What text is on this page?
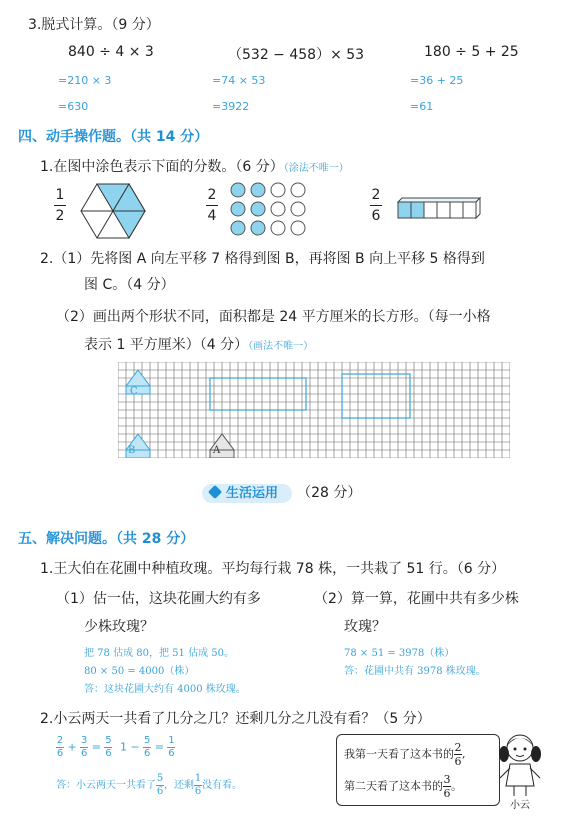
3.脱式计算。（9 分）
840 ÷ 4 × 3	（532 − 458）× 53	180 ÷ 5 + 25
=210 × 3	=74 × 53	=36 + 25
=630	=3922	=61
四、动手操作题。（共 14 分）
1.在图中涂色表示下面的分数。（6 分）（涂法不唯一）
$\frac{1}{2}$	$\frac{2}{4}$	$\frac{2}{6}$
2.（1）先将图 A 向左平移 7 格得到图 B，再将图 B 向上平移 5 格得到
图 C。（4 分）
（2）画出两个形状不同，面积都是 24 平方厘米的长方形。（每一小格
表示 1 平方厘米）（4 分）（画法不唯一）
C
B	A
生活运用 （28 分）
五、解决问题。（共 28 分）
1.王大伯在花圃中种植玫瑰。平均每行栽 78 株，一共栽了 51 行。（6 分）
（1）估一估，这块花圃大约有多
少株玫瑰？
把 78 估成 80，把 51 估成 50。
80 × 50 = 4000（株）
答：这块花圃大约有 4000 株玫瑰。
（2）算一算，花圃中共有多少株
玫瑰？
78 × 51 = 3978（株）
答：花圃中共有 3978 株玫瑰。
2.小云两天一共看了几分之几？还剩几分之几没有看？（5 分）
$\frac{2}{6} + \frac{3}{6} = \frac{5}{6} 1 - \frac{5}{6} = \frac{1}{6}$
答：小云两天一共看了 $\frac{5}{6}$ ，还剩 $\frac{1}{6}$ 没有看。
我第一天看了这本书的 $\frac{2}{6}$ ,
第二天看了这本书的 $\frac{3}{6}$ 。
小云
